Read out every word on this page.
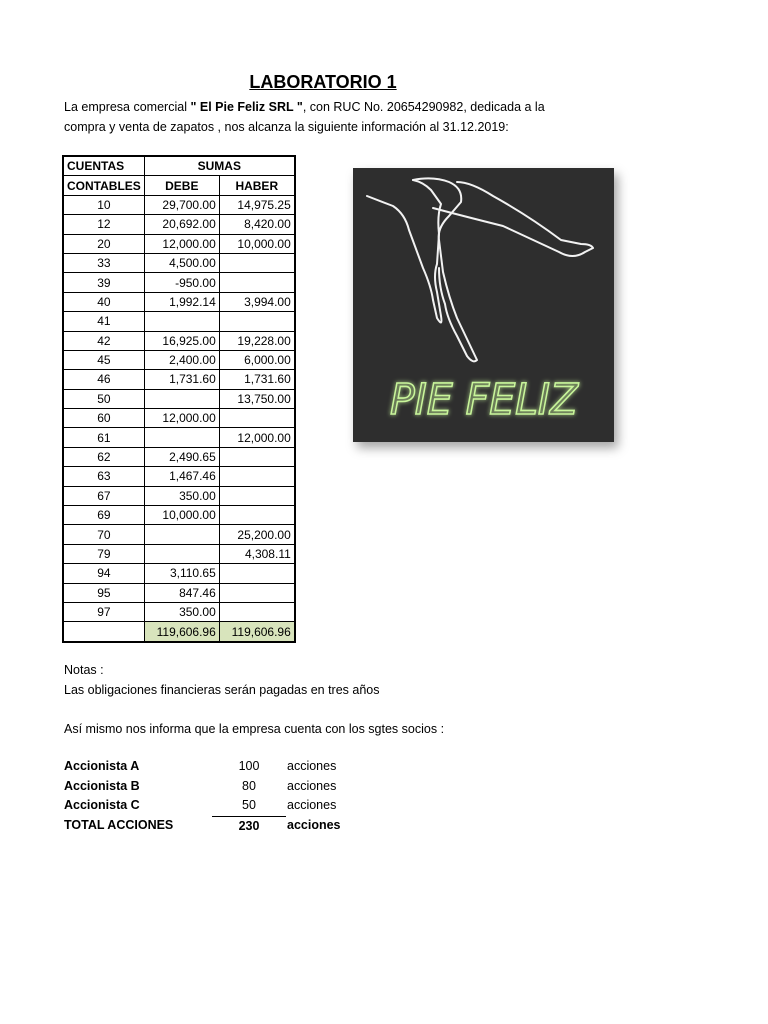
LABORATORIO 1
La empresa comercial " El Pie Feliz SRL ", con RUC No. 20654290982, dedicada a la
compra y venta de zapatos , nos alcanza la siguiente información al 31.12.2019:
CUENTAS	SUMAS	
CONTABLES	DEBE	HABER
10	29,700.00	14,975.25
12	20,692.00	8,420.00
20	12,000.00	10,000.00
33	4,500.00	
39	-950.00	
40	1,992.14	3,994.00
41		
42	16,925.00	19,228.00
45	2,400.00	6,000.00
46	1,731.60	1,731.60
50		13,750.00
60	12,000.00	
61		12,000.00
62	2,490.65	
63	1,467.46	
67	350.00	
69	10,000.00	
70		25,200.00
79		4,308.11
94	3,110.65	
95	847.46	
97	350.00	
	119,606.96	119,606.96
PIE FELIZ
Notas :
Las obligaciones financieras serán pagadas en tres años
Así mismo nos informa que la empresa cuenta con los sgtes socios :
Accionista A	100	acciones
Accionista B	80	acciones
Accionista C	50	acciones
TOTAL ACCIONES	230	acciones
